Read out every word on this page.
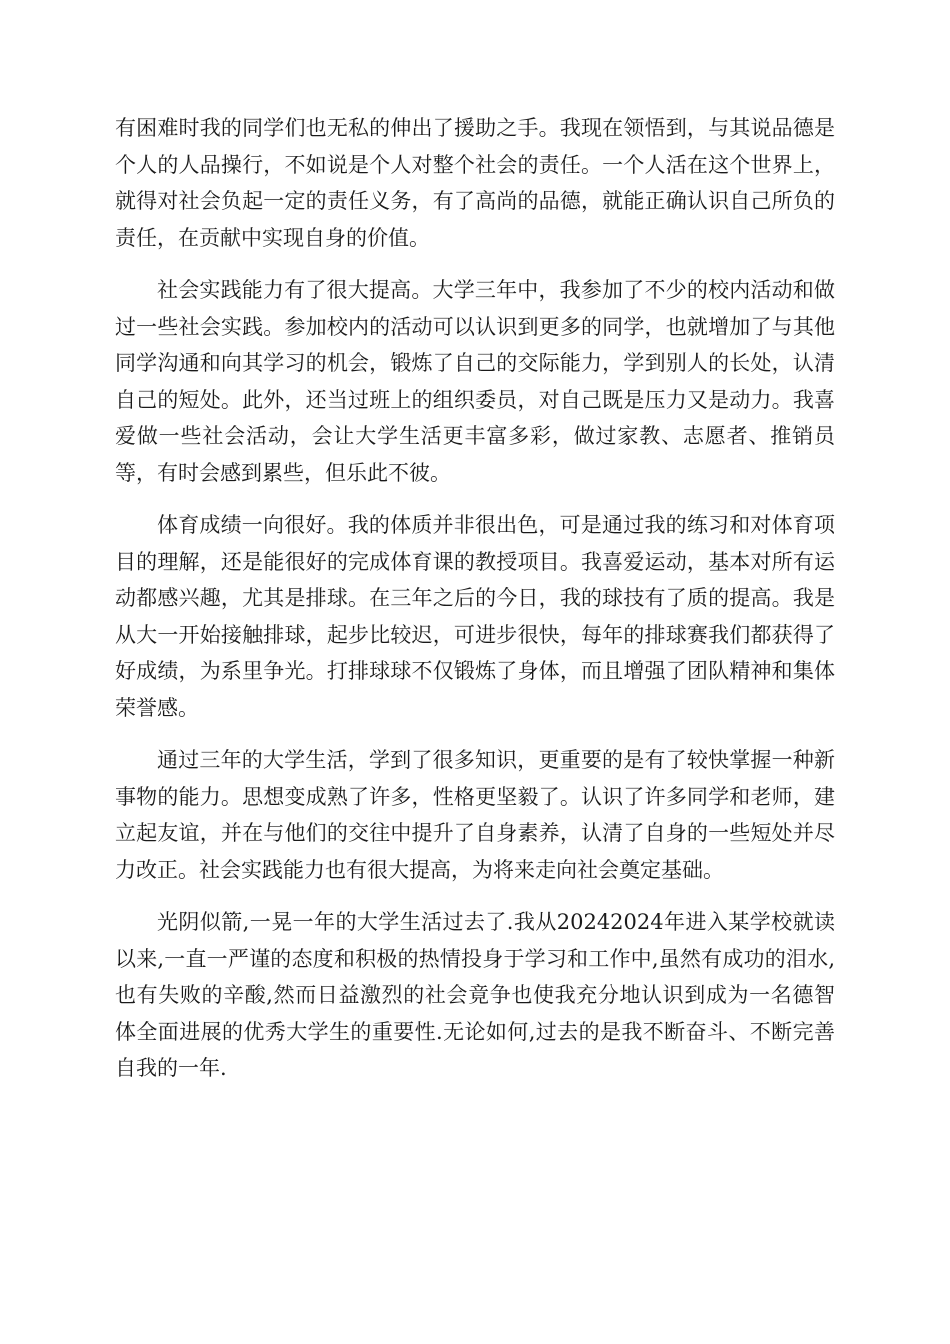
有困难时我的同学们也无私的伸出了援助之手。我现在领悟到，与其说品德是个人的人品操行，不如说是个人对整个社会的责任。一个人活在这个世界上，就得对社会负起一定的责任义务，有了高尚的品德，就能正确认识自己所负的责任，在贡献中实现自身的价值。

社会实践能力有了很大提高。大学三年中，我参加了不少的校内活动和做过一些社会实践。参加校内的活动可以认识到更多的同学，也就增加了与其他同学沟通和向其学习的机会，锻炼了自己的交际能力，学到别人的长处，认清自己的短处。此外，还当过班上的组织委员，对自己既是压力又是动力。我喜爱做一些社会活动，会让大学生活更丰富多彩，做过家教、志愿者、推销员等，有时会感到累些，但乐此不彼。

体育成绩一向很好。我的体质并非很出色，可是通过我的练习和对体育项目的理解，还是能很好的完成体育课的教授项目。我喜爱运动，基本对所有运动都感兴趣，尤其是排球。在三年之后的今日，我的球技有了质的提高。我是从大一开始接触排球，起步比较迟，可进步很快，每年的排球赛我们都获得了好成绩，为系里争光。打排球球不仅锻炼了身体，而且增强了团队精神和集体荣誉感。

通过三年的大学生活，学到了很多知识，更重要的是有了较快掌握一种新事物的能力。思想变成熟了许多，性格更坚毅了。认识了许多同学和老师，建立起友谊，并在与他们的交往中提升了自身素养，认清了自身的一些短处并尽力改正。社会实践能力也有很大提高，为将来走向社会奠定基础。

光阴似箭,一晃一年的大学生活过去了.我从20242024年进入某学校就读以来,一直一严谨的态度和积极的热情投身于学习和工作中,虽然有成功的泪水,也有失败的辛酸,然而日益激烈的社会竟争也使我充分地认识到成为一名德智体全面进展的优秀大学生的重要性.无论如何,过去的是我不断奋斗、不断完善自我的一年.
